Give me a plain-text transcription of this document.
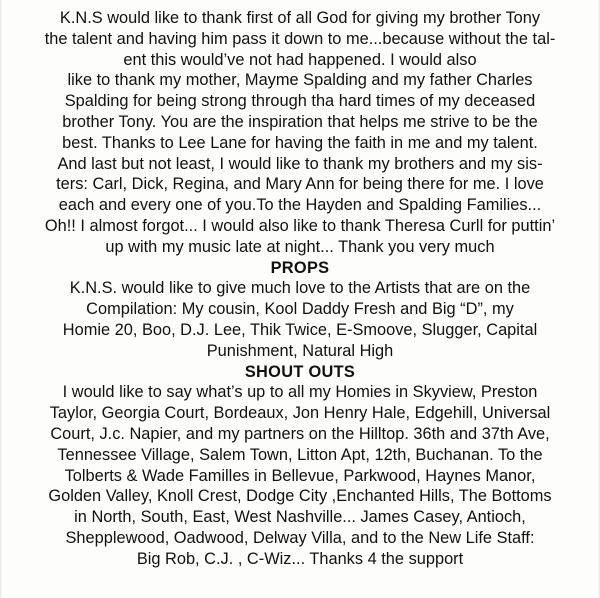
K.N.S would like to thank first of all God for giving my brother Tony
the talent and having him pass it down to me...because without the tal-
ent this would’ve not had happened. I would also
like to thank my mother, Mayme Spalding and my father Charles
Spalding for being strong through tha hard times of my deceased
brother Tony. You are the inspiration that helps me strive to be the
best. Thanks to Lee Lane for having the faith in me and my talent.
And last but not least, I would like to thank my brothers and my sis-
ters: Carl, Dick, Regina, and Mary Ann for being there for me. I love
each and every one of you.To the Hayden and Spalding Families...
Oh!! I almost forgot... I would also like to thank Theresa Curll for puttin’
up with my music late at night... Thank you very much
PROPS
K.N.S. would like to give much love to the Artists that are on the
Compilation: My cousin, Kool Daddy Fresh and Big “D”, my
Homie 20, Boo, D.J. Lee, Thik Twice, E-Smoove, Slugger, Capital
Punishment, Natural High
SHOUT OUTS
I would like to say what’s up to all my Homies in Skyview, Preston
Taylor, Georgia Court, Bordeaux, Jon Henry Hale, Edgehill, Universal
Court, J.c. Napier, and my partners on the Hilltop. 36th and 37th Ave,
Tennessee Village, Salem Town, Litton Apt, 12th, Buchanan. To the
Tolberts & Wade Familles in Bellevue, Parkwood, Haynes Manor,
Golden Valley, Knoll Crest, Dodge City ,Enchanted Hills, The Bottoms
in North, South, East, West Nashville... James Casey, Antioch,
Shepplewood, Oadwood, Delway Villa, and to the New Life Staff:
Big Rob, C.J. , C-Wiz... Thanks 4 the support
